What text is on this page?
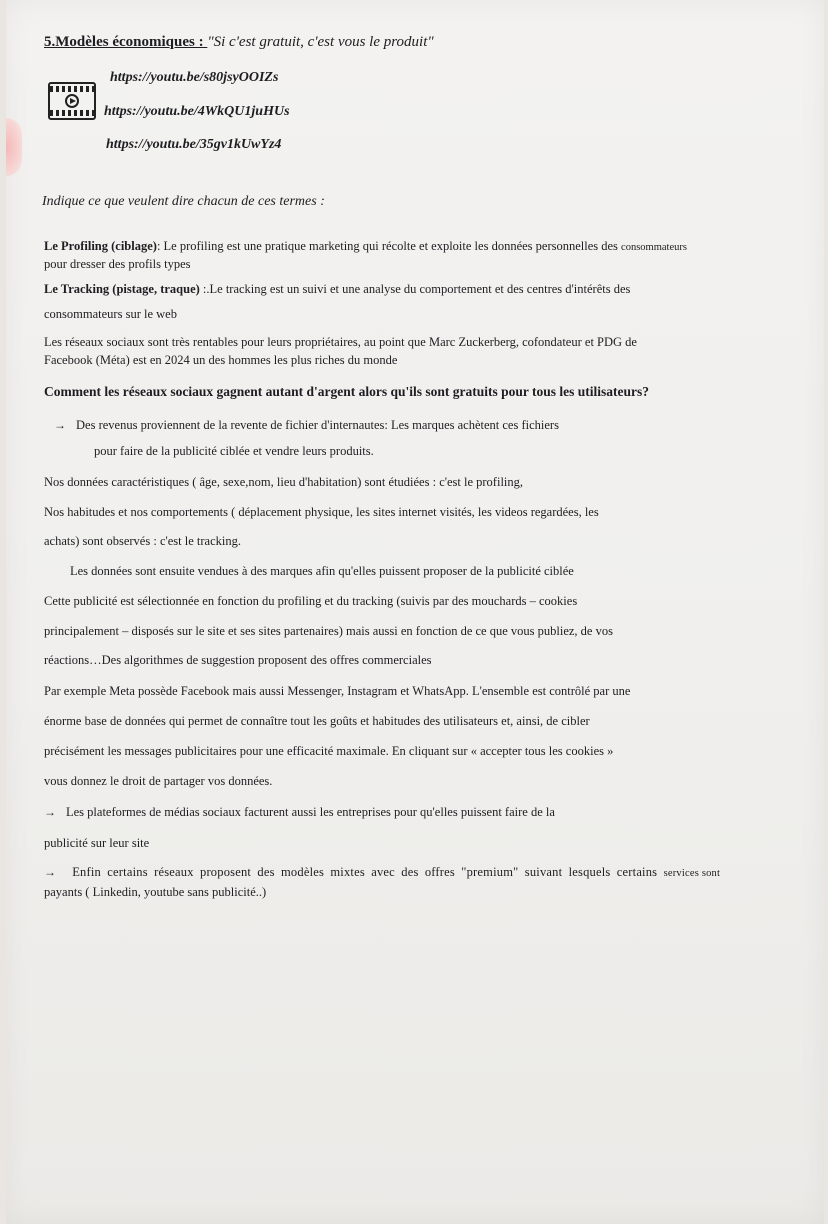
5.Modèles économiques : "Si c'est gratuit, c'est vous le produit"
https://youtu.be/s80jsyOOIZs
https://youtu.be/4WkQU1juHUs
https://youtu.be/35gv1kUwYz4
Indique ce que veulent dire chacun de ces termes :
Le Profiling (ciblage): Le profiling est une pratique marketing qui récolte et exploite les données personnelles des consommateurs
pour dresser des profils types
Le Tracking (pistage, traque) :.Le tracking est un suivi et une analyse du comportement et des centres d'intérêts des
consommateurs sur le web
Les réseaux sociaux sont très rentables pour leurs propriétaires, au point que Marc Zuckerberg, cofondateur et PDG de
Facebook (Méta) est en 2024 un des hommes les plus riches du monde
Comment les réseaux sociaux gagnent autant d'argent alors qu'ils sont gratuits pour tous les utilisateurs?
→ Des revenus proviennent de la revente de fichier d'internautes: Les marques achètent ces fichiers
pour faire de la publicité ciblée et vendre leurs produits.
Nos données caractéristiques ( âge, sexe,nom, lieu d'habitation) sont étudiées : c'est le profiling,
Nos habitudes et nos comportements ( déplacement physique, les sites internet visités, les videos regardées, les
achats) sont observés : c'est le tracking.
Les données sont ensuite vendues à des marques afin qu'elles puissent proposer de la publicité ciblée
Cette publicité est sélectionnée en fonction du profiling et du tracking (suivis par des mouchards – cookies
principalement – disposés sur le site et ses sites partenaires) mais aussi en fonction de ce que vous publiez, de vos
réactions…Des algorithmes de suggestion proposent des offres commerciales
Par exemple Meta possède Facebook mais aussi Messenger, Instagram et WhatsApp. L'ensemble est contrôlé par une
énorme base de données qui permet de connaître tout les goûts et habitudes des utilisateurs et, ainsi, de cibler
précisément les messages publicitaires pour une efficacité maximale. En cliquant sur « accepter tous les cookies »
vous donnez le droit de partager vos données.
→ Les plateformes de médias sociaux facturent aussi les entreprises pour qu'elles puissent faire de la
publicité sur leur site
→ Enfin certains réseaux proposent des modèles mixtes avec des offres "premium" suivant lesquels certains services sont
payants ( Linkedin, youtube sans publicité..)
